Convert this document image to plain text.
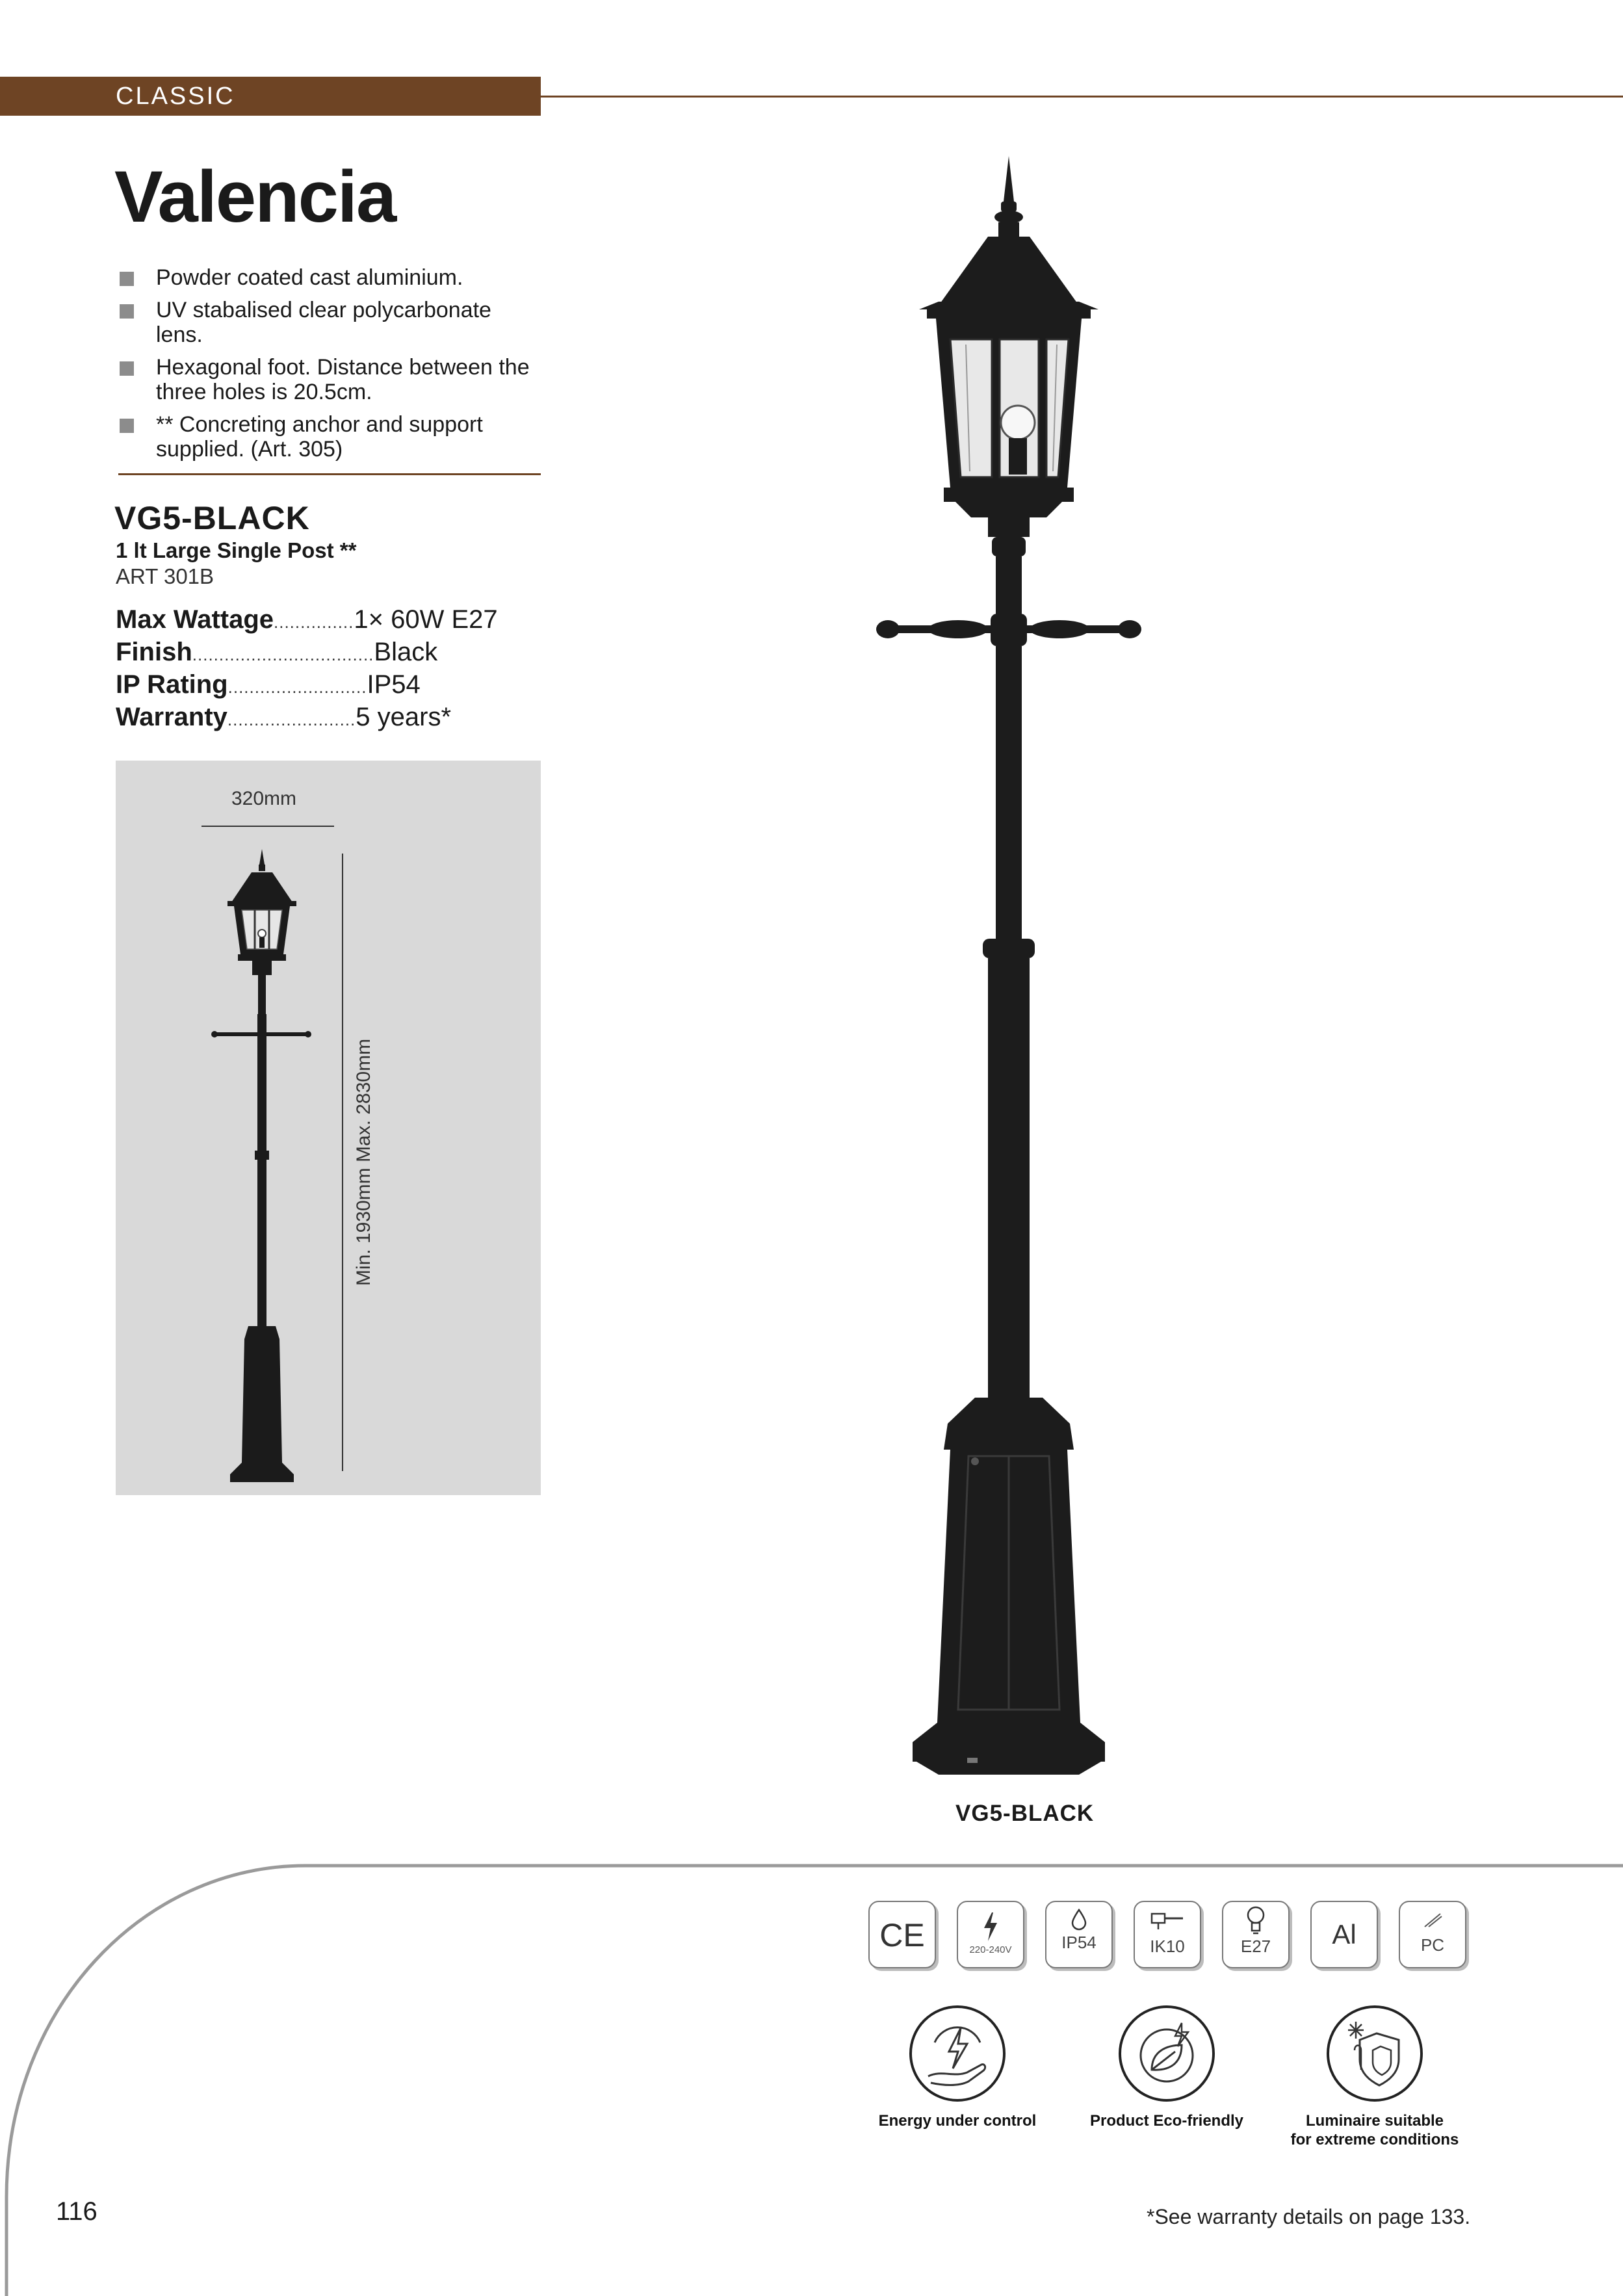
CLASSIC
Valencia
Powder coated cast aluminium.
UV stabalised clear polycarbonate lens.
Hexagonal foot. Distance between the three holes is 20.5cm.
** Concreting anchor and support supplied. (Art. 305)
VG5-BLACK
1 lt Large Single Post **
ART 301B
Max Wattage ............... 1× 60W E27
Finish .................................. Black
IP Rating .......................... IP54
Warranty ........................ 5 years*
320mm
Min. 1930mm Max. 2830mm
VG5-BLACK
CE	220-240V	IP54	IK10	E27	Al	PC
Energy under control	Product Eco-friendly	Luminaire suitable
for extreme conditions
116	*See warranty details on page 133.
